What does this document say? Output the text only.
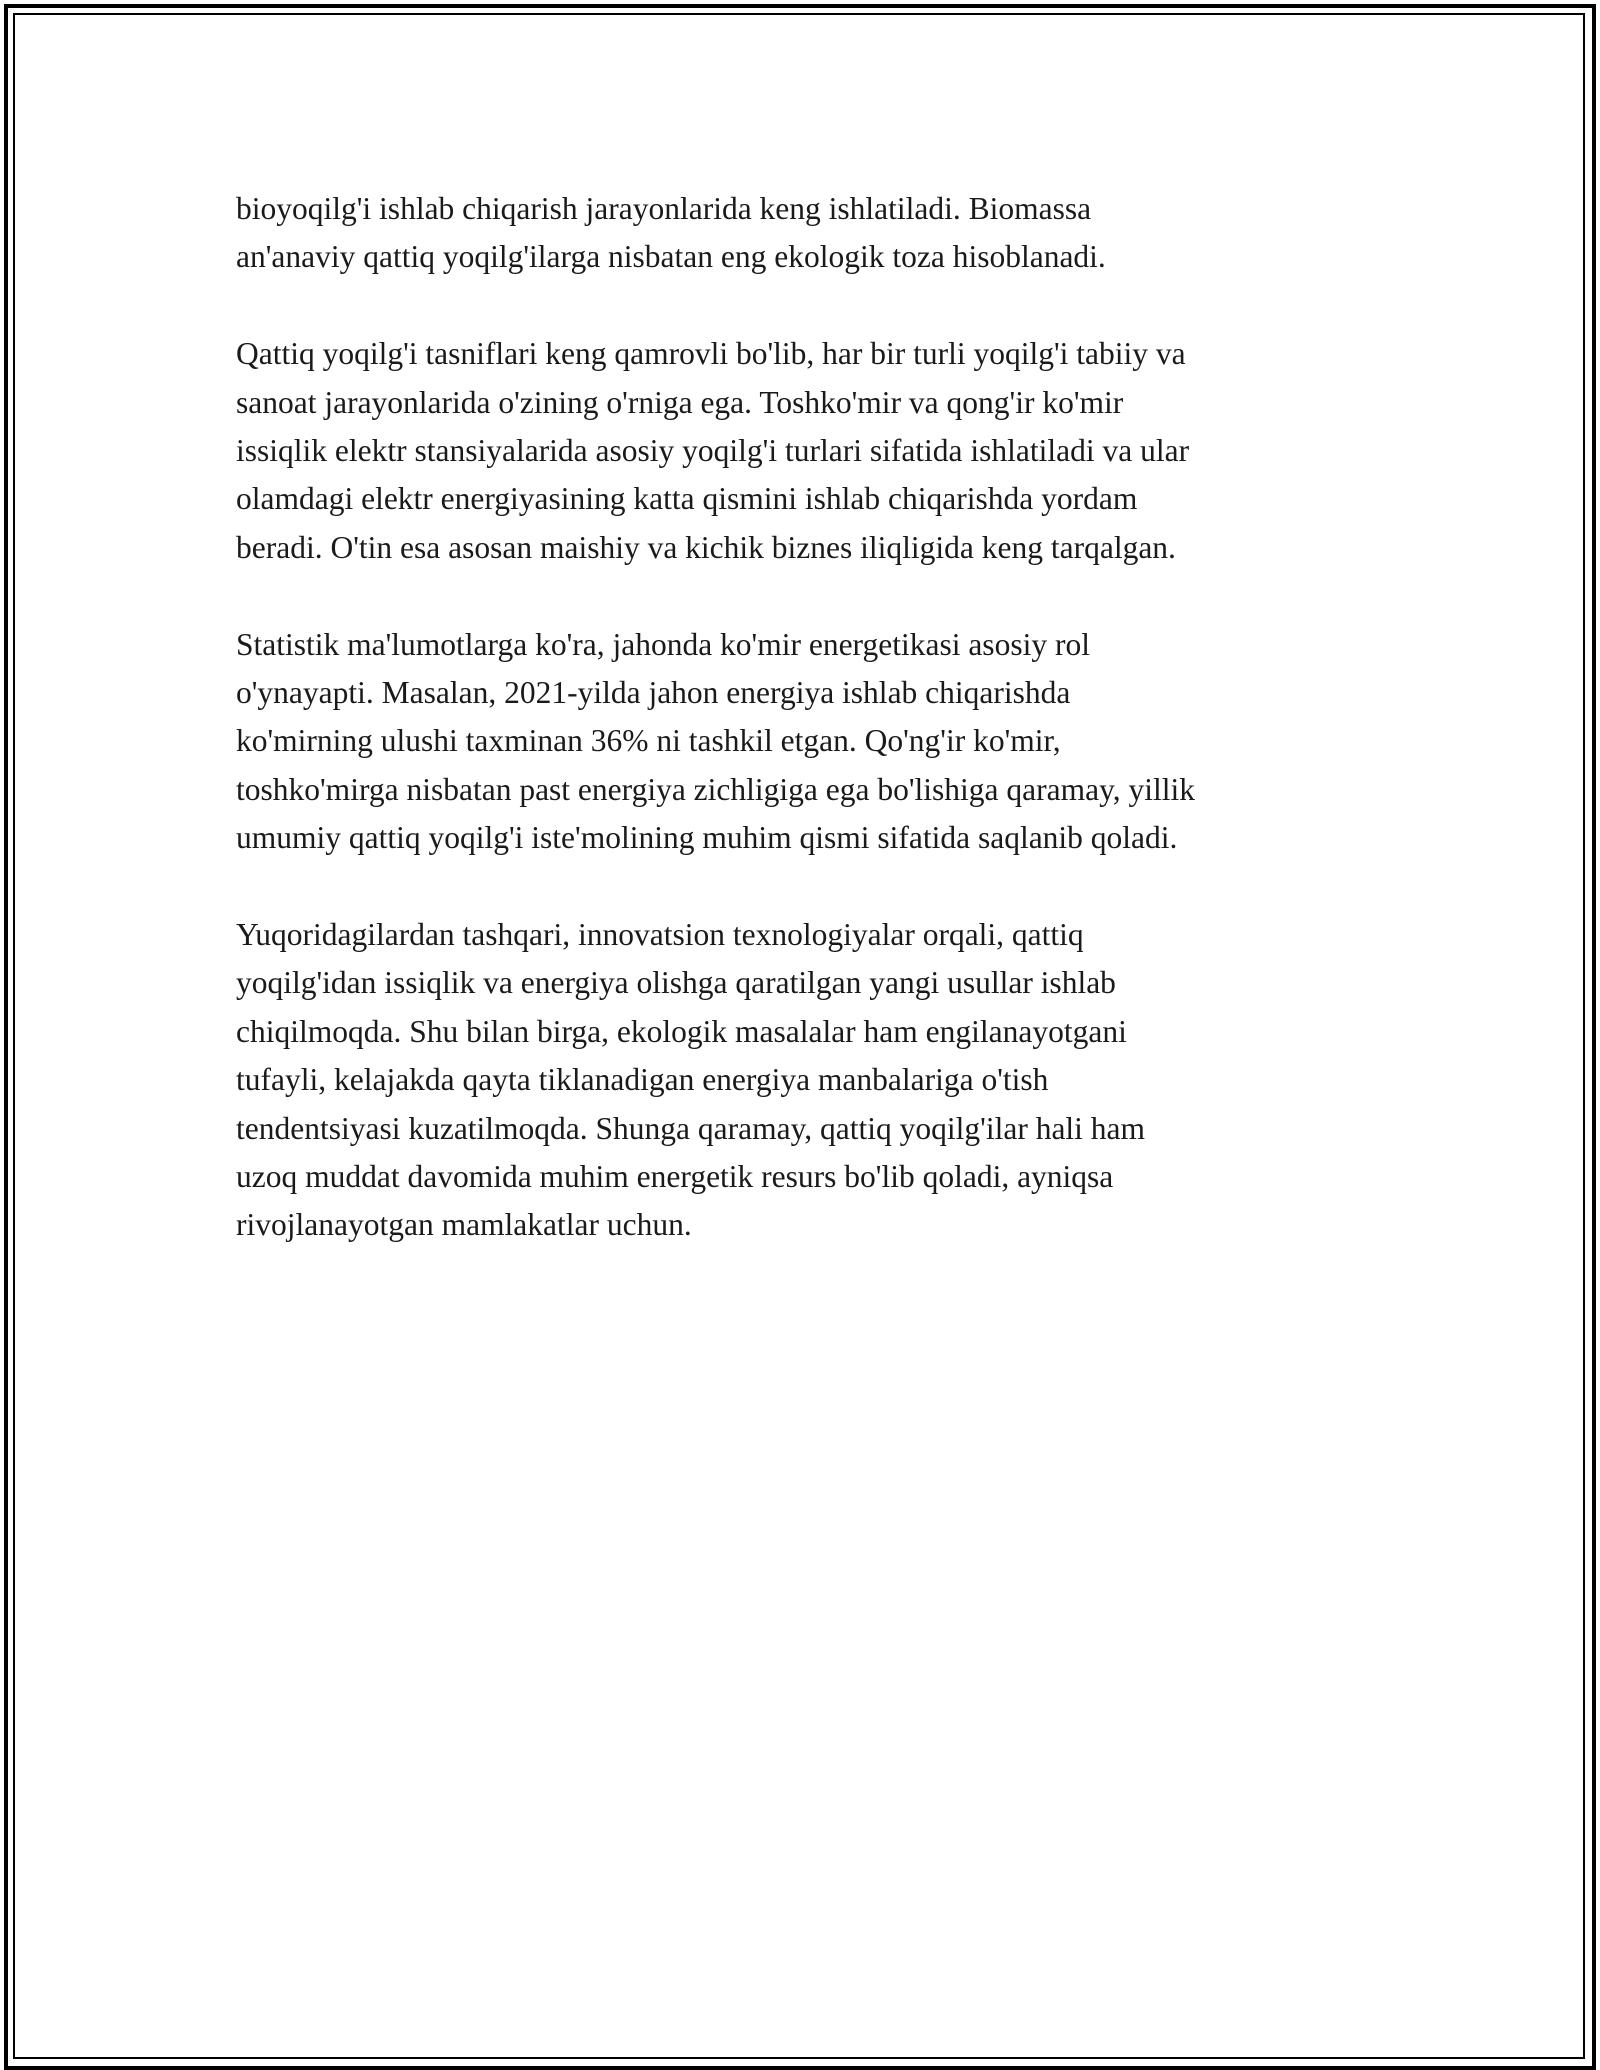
bioyoqilg'i ishlab chiqarish jarayonlarida keng ishlatiladi. Biomassa
an'anaviy qattiq yoqilg'ilarga nisbatan eng ekologik toza hisoblanadi.

Qattiq yoqilg'i tasniflari keng qamrovli bo'lib, har bir turli yoqilg'i tabiiy va
sanoat jarayonlarida o'zining o'rniga ega. Toshko'mir va qong'ir ko'mir
issiqlik elektr stansiyalarida asosiy yoqilg'i turlari sifatida ishlatiladi va ular
olamdagi elektr energiyasining katta qismini ishlab chiqarishda yordam
beradi. O'tin esa asosan maishiy va kichik biznes iliqligida keng tarqalgan.

Statistik ma'lumotlarga ko'ra, jahonda ko'mir energetikasi asosiy rol
o'ynayapti. Masalan, 2021-yilda jahon energiya ishlab chiqarishda
ko'mirning ulushi taxminan 36% ni tashkil etgan. Qo'ng'ir ko'mir,
toshko'mirga nisbatan past energiya zichligiga ega bo'lishiga qaramay, yillik
umumiy qattiq yoqilg'i iste'molining muhim qismi sifatida saqlanib qoladi.

Yuqoridagilardan tashqari, innovatsion texnologiyalar orqali, qattiq
yoqilg'idan issiqlik va energiya olishga qaratilgan yangi usullar ishlab
chiqilmoqda. Shu bilan birga, ekologik masalalar ham engilanayotgani
tufayli, kelajakda qayta tiklanadigan energiya manbalariga o'tish
tendentsiyasi kuzatilmoqda. Shunga qaramay, qattiq yoqilg'ilar hali ham
uzoq muddat davomida muhim energetik resurs bo'lib qoladi, ayniqsa
rivojlanayotgan mamlakatlar uchun.
